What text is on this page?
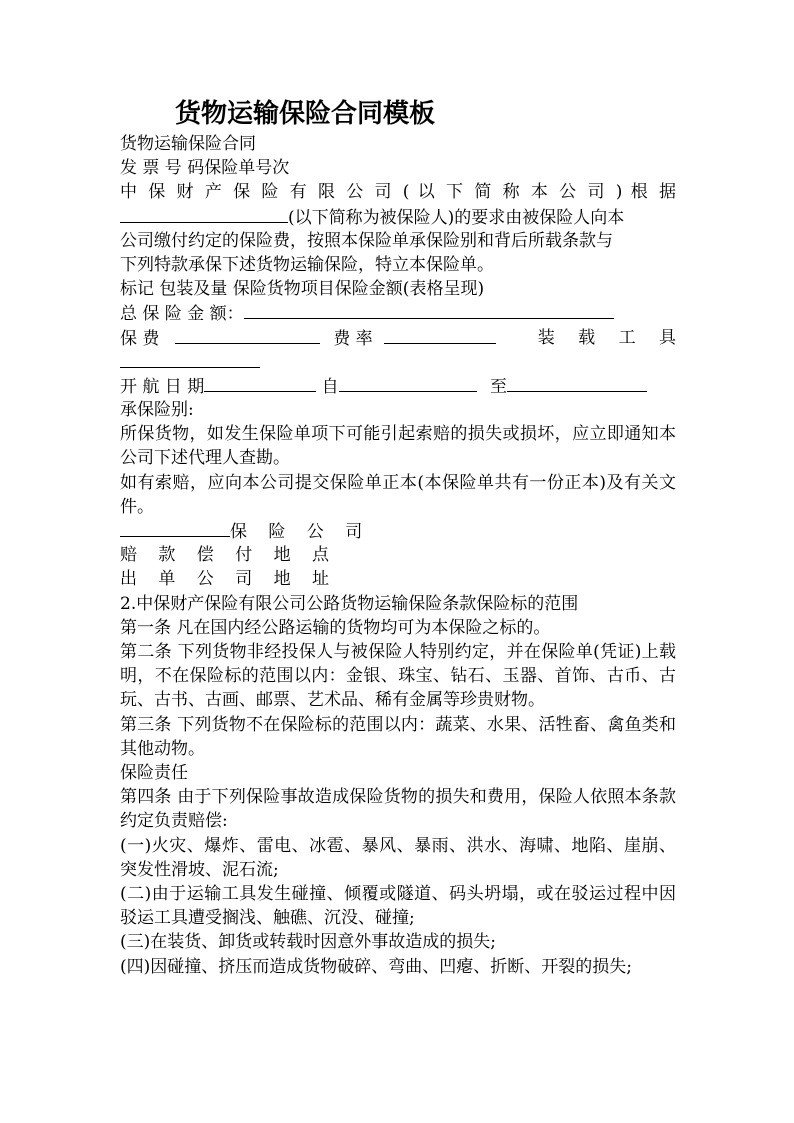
货物运输保险合同模板
货物运输保险合同
发 票 号 码保险单号次
中 保 财 产 保 险 有 限 公 司 ( 以 下 简 称 本 公 司 ) 根 据
(以下简称为被保险人)的要求由被保险人向本
公司缴付约定的保险费，按照本保险单承保险别和背后所载条款与
下列特款承保下述货物运输保险，特立本保险单。
标记 包装及量 保险货物项目保险金额(表格呈现)
总 保 险 金 额：
保 费	费 率	装 载 工 具
开 航 日 期	自	至
承保险别:
所保货物，如发生保险单项下可能引起索赔的损失或损坏，应立即通知本公司下述代理人查勘。
如有索赔，应向本公司提交保险单正本(本保险单共有一份正本)及有关文件。
保 险 公 司
赔 款 偿 付 地 点
出 单 公 司 地 址
2.中保财产保险有限公司公路货物运输保险条款保险标的范围
第一条 凡在国内经公路运输的货物均可为本保险之标的。
第二条 下列货物非经投保人与被保险人特别约定，并在保险单(凭证)上载明，不在保险标的范围以内：金银、珠宝、钻石、玉器、首饰、古币、古玩、古书、古画、邮票、艺术品、稀有金属等珍贵财物。
第三条 下列货物不在保险标的范围以内：蔬菜、水果、活牲畜、禽鱼类和其他动物。
保险责任
第四条 由于下列保险事故造成保险货物的损失和费用，保险人依照本条款约定负责赔偿:
(一)火灾、爆炸、雷电、冰雹、暴风、暴雨、洪水、海啸、地陷、崖崩、突发性滑坡、泥石流;
(二)由于运输工具发生碰撞、倾覆或隧道、码头坍塌，或在驳运过程中因驳运工具遭受搁浅、触礁、沉没、碰撞;
(三)在装货、卸货或转载时因意外事故造成的损失;
(四)因碰撞、挤压而造成货物破碎、弯曲、凹瘪、折断、开裂的损失;
